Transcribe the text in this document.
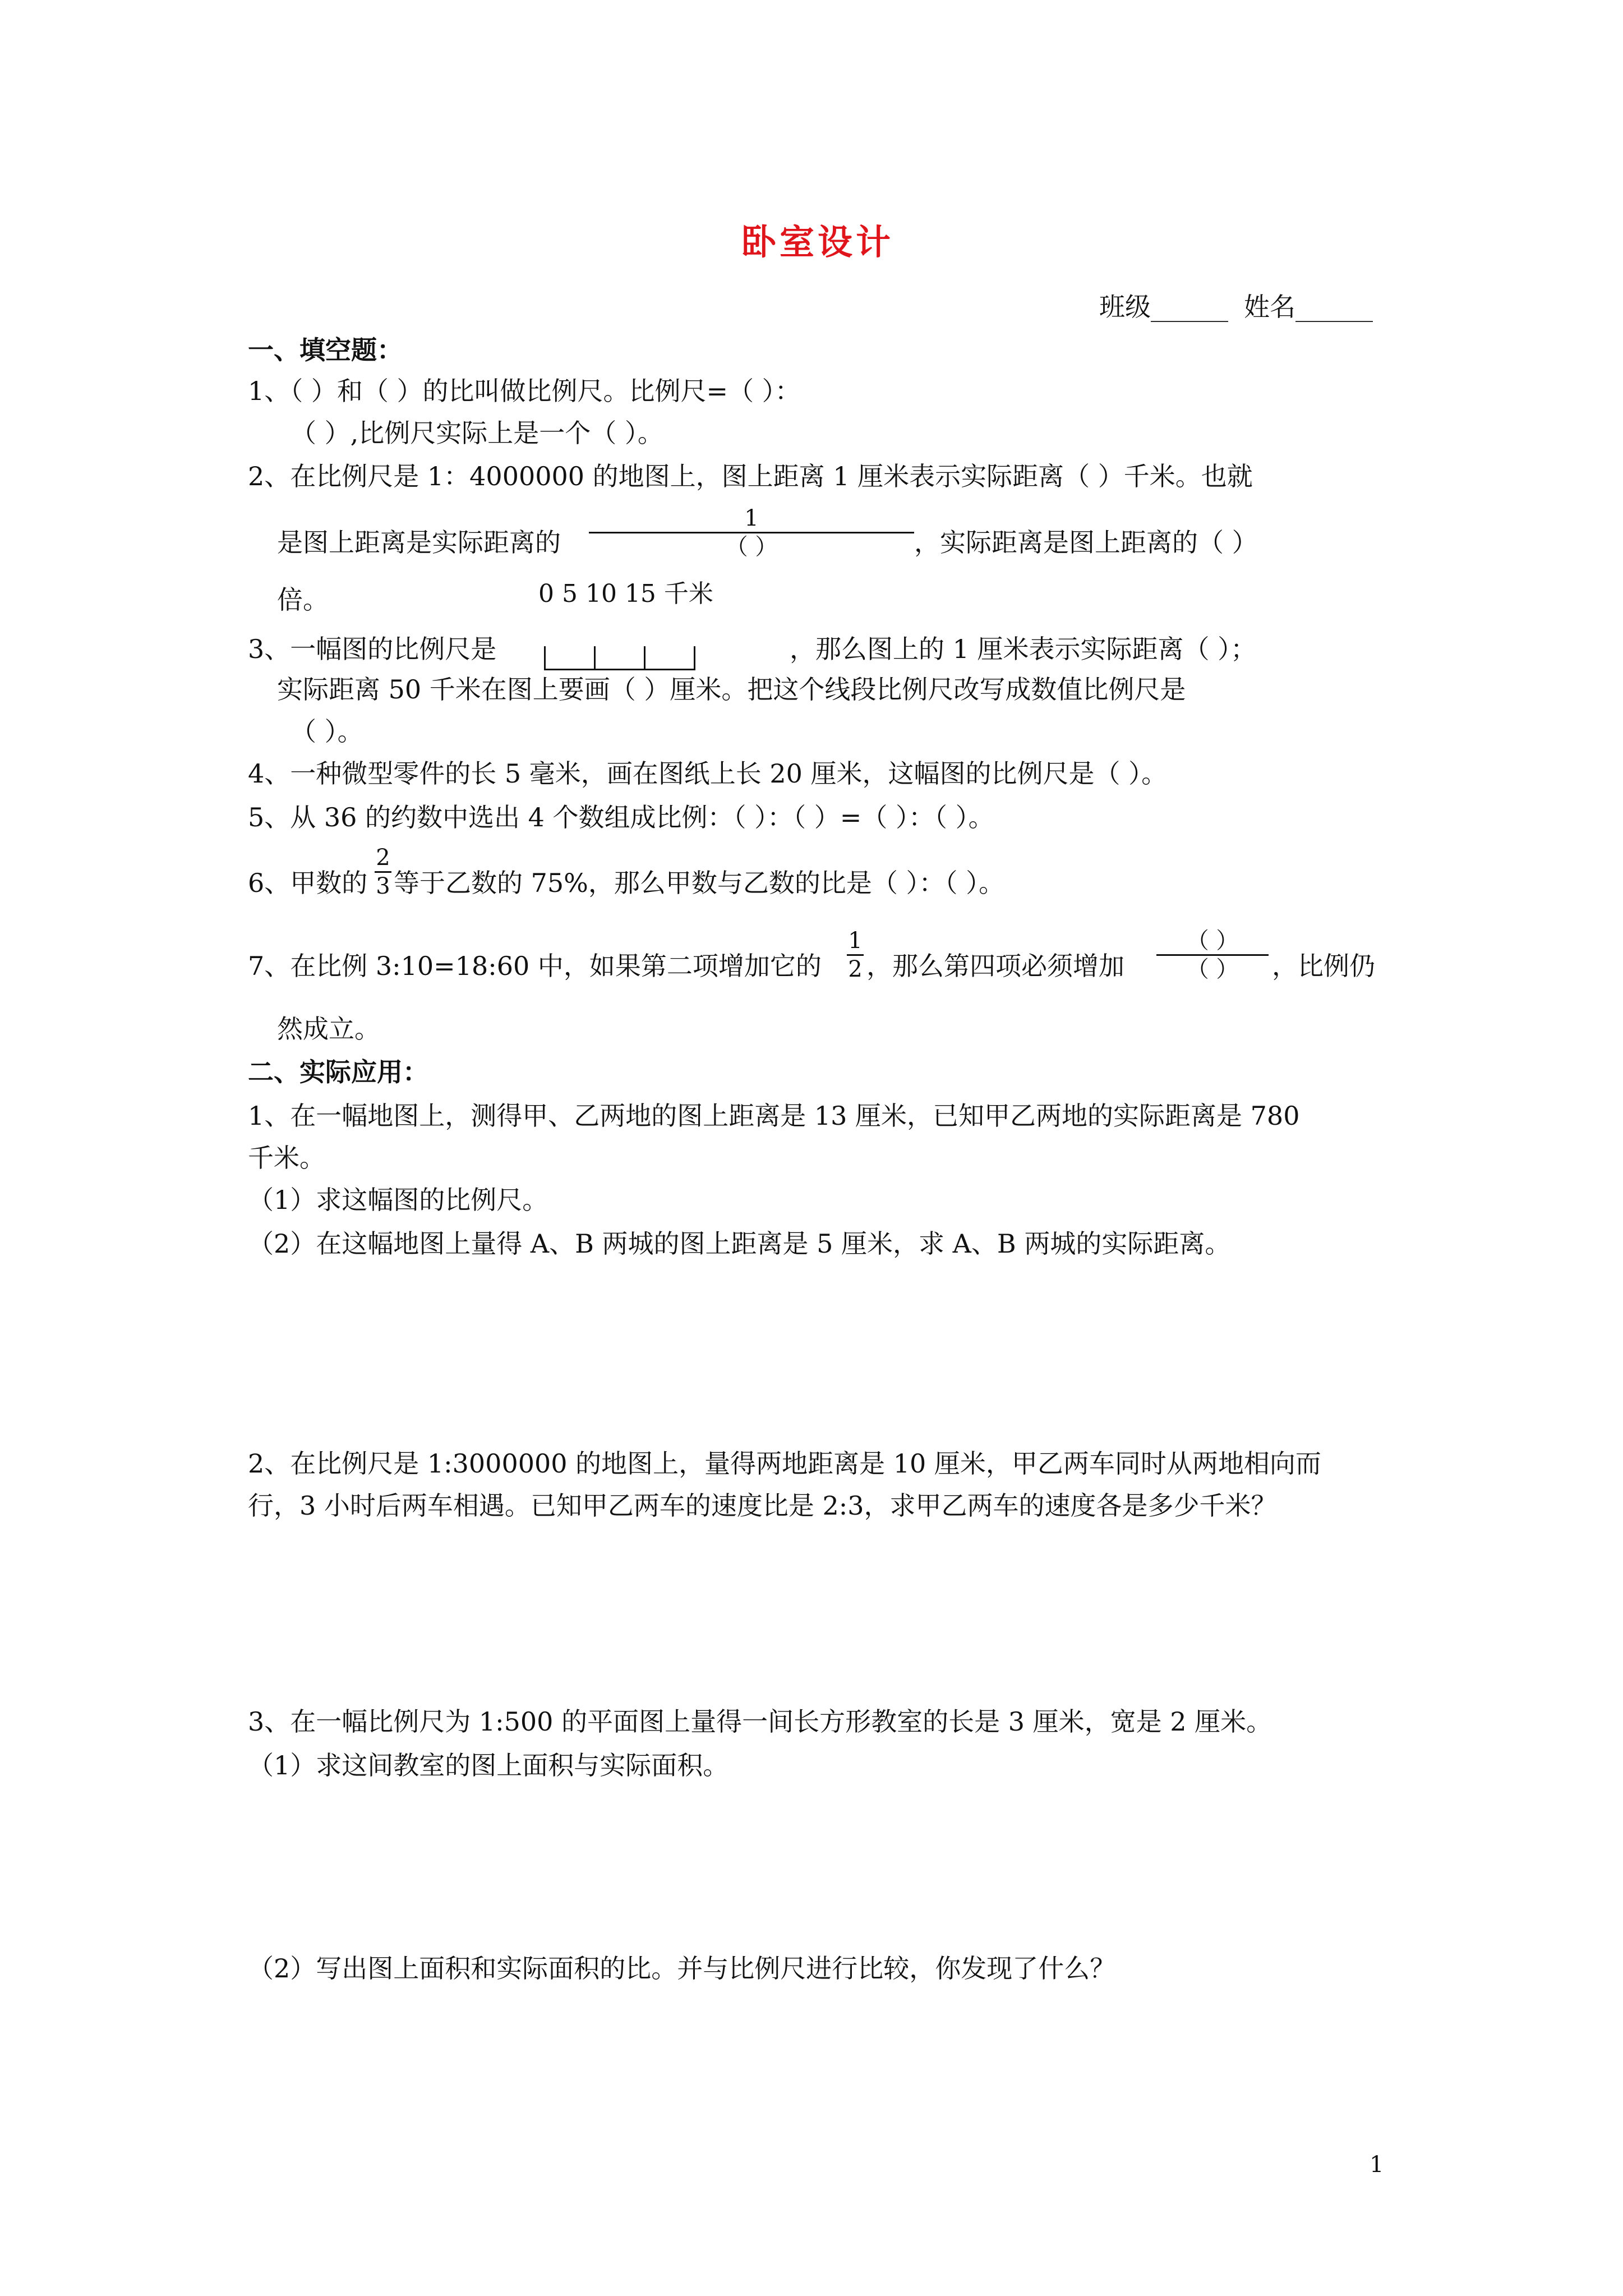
卧室设计
班级______ 姓名______
一、填空题：
1、（ ）和（ ）的比叫做比例尺。比例尺=（ ）：
（ ）,比例尺实际上是一个（ ）。
2、在比例尺是 1：4000000 的地图上，图上距离 1 厘米表示实际距离（ ）千米。也就
是图上距离是实际距离的
1
（ ）	，实际距离是图上距离的（ ）
倍。	0 5 10 15 千米
3、一幅图的比例尺是	，那么图上的 1 厘米表示实际距离（ ）；
实际距离 50 千米在图上要画（ ）厘米。把这个线段比例尺改写成数值比例尺是
（ ）。
4、一种微型零件的长 5 毫米，画在图纸上长 20 厘米，这幅图的比例尺是（ ）。
5、从 36 的约数中选出 4 个数组成比例：（ ）：（ ）=（ ）：（ ）。
6、甲数的
2
3 等于乙数的 75%，那么甲数与乙数的比是（ ）：（ ）。
7、在比例 3:10=18:60 中，如果第二项增加它的
1
2 ，那么第四项必须增加
（ ）
（ ） ，比例仍
然成立。
二、实际应用：
1、在一幅地图上，测得甲、乙两地的图上距离是 13 厘米，已知甲乙两地的实际距离是 780
千米。
（1）求这幅图的比例尺。
（2）在这幅地图上量得 A、B 两城的图上距离是 5 厘米，求 A、B 两城的实际距离。
2、在比例尺是 1:3000000 的地图上，量得两地距离是 10 厘米，甲乙两车同时从两地相向而
行，3 小时后两车相遇。已知甲乙两车的速度比是 2:3，求甲乙两车的速度各是多少千米？
3、在一幅比例尺为 1:500 的平面图上量得一间长方形教室的长是 3 厘米，宽是 2 厘米。
（1）求这间教室的图上面积与实际面积。
（2）写出图上面积和实际面积的比。并与比例尺进行比较，你发现了什么？
1
